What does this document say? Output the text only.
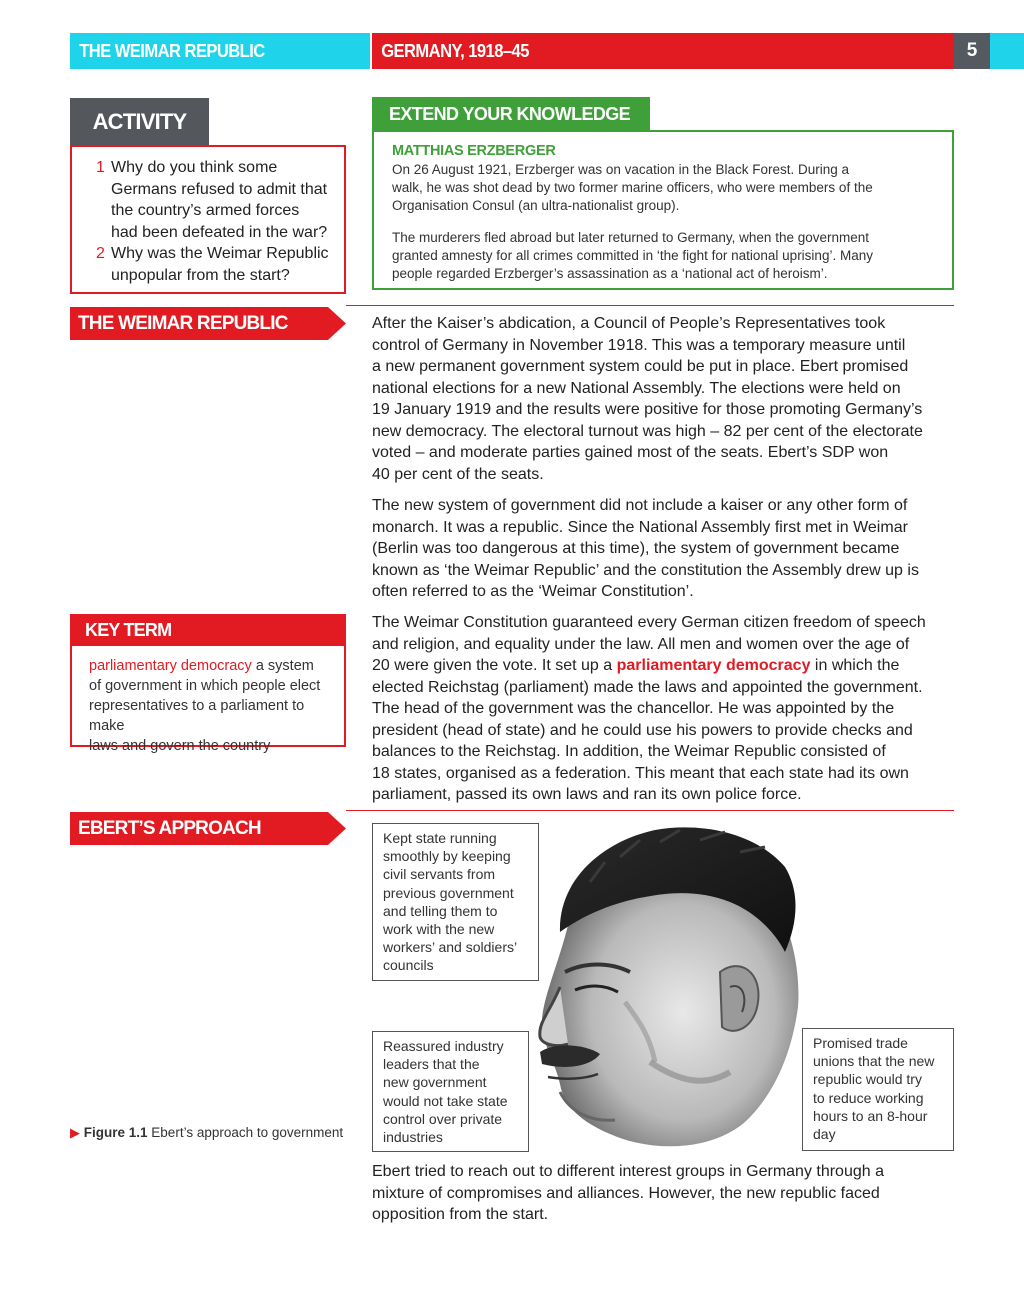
THE WEIMAR REPUBLIC	GERMANY, 1918–45	5
ACTIVITY
1 Why do you think some
Germans refused to admit that
the country’s armed forces
had been defeated in the war?
2 Why was the Weimar Republic
unpopular from the start?
EXTEND YOUR KNOWLEDGE
MATTHIAS ERZBERGER
On 26 August 1921, Erzberger was on vacation in the Black Forest. During a
walk, he was shot dead by two former marine officers, who were members of the
Organisation Consul (an ultra-nationalist group).
The murderers fled abroad but later returned to Germany, when the government
granted amnesty for all crimes committed in ‘the fight for national uprising’. Many
people regarded Erzberger’s assassination as a ‘national act of heroism’.
THE WEIMAR REPUBLIC	After the Kaiser’s abdication, a Council of People’s Representatives took
control of Germany in November 1918. This was a temporary measure until
a new permanent government system could be put in place. Ebert promised
national elections for a new National Assembly. The elections were held on
19 January 1919 and the results were positive for those promoting Germany’s
new democracy. The electoral turnout was high – 82 per cent of the electorate
voted – and moderate parties gained most of the seats. Ebert’s SDP won
40 per cent of the seats.
The new system of government did not include a kaiser or any other form of
monarch. It was a republic. Since the National Assembly first met in Weimar
(Berlin was too dangerous at this time), the system of government became
known as ‘the Weimar Republic’ and the constitution the Assembly drew up is
often referred to as the ‘Weimar Constitution’.
The Weimar Constitution guaranteed every German citizen freedom of speech
and religion, and equality under the law. All men and women over the age of
20 were given the vote. It set up a parliamentary democracy in which the
elected Reichstag (parliament) made the laws and appointed the government.
The head of the government was the chancellor. He was appointed by the
president (head of state) and he could use his powers to provide checks and
balances to the Reichstag. In addition, the Weimar Republic consisted of
18 states, organised as a federation. This meant that each state had its own
parliament, passed its own laws and ran its own police force.
KEY TERM
parliamentary democracy a system
of government in which people elect
representatives to a parliament to make
laws and govern the country
EBERT’S APPROACH	Kept state running
smoothly by keeping
civil servants from
previous government
and telling them to
work with the new
workers’ and soldiers’
councils
Reassured industry
leaders that the
new government
would not take state
control over private
industries
Promised trade
unions that the new
republic would try
to reduce working
hours to an 8-hour
day
▶ Figure 1.1 Ebert’s approach to government
Ebert tried to reach out to different interest groups in Germany through a
mixture of compromises and alliances. However, the new republic faced
opposition from the start.
